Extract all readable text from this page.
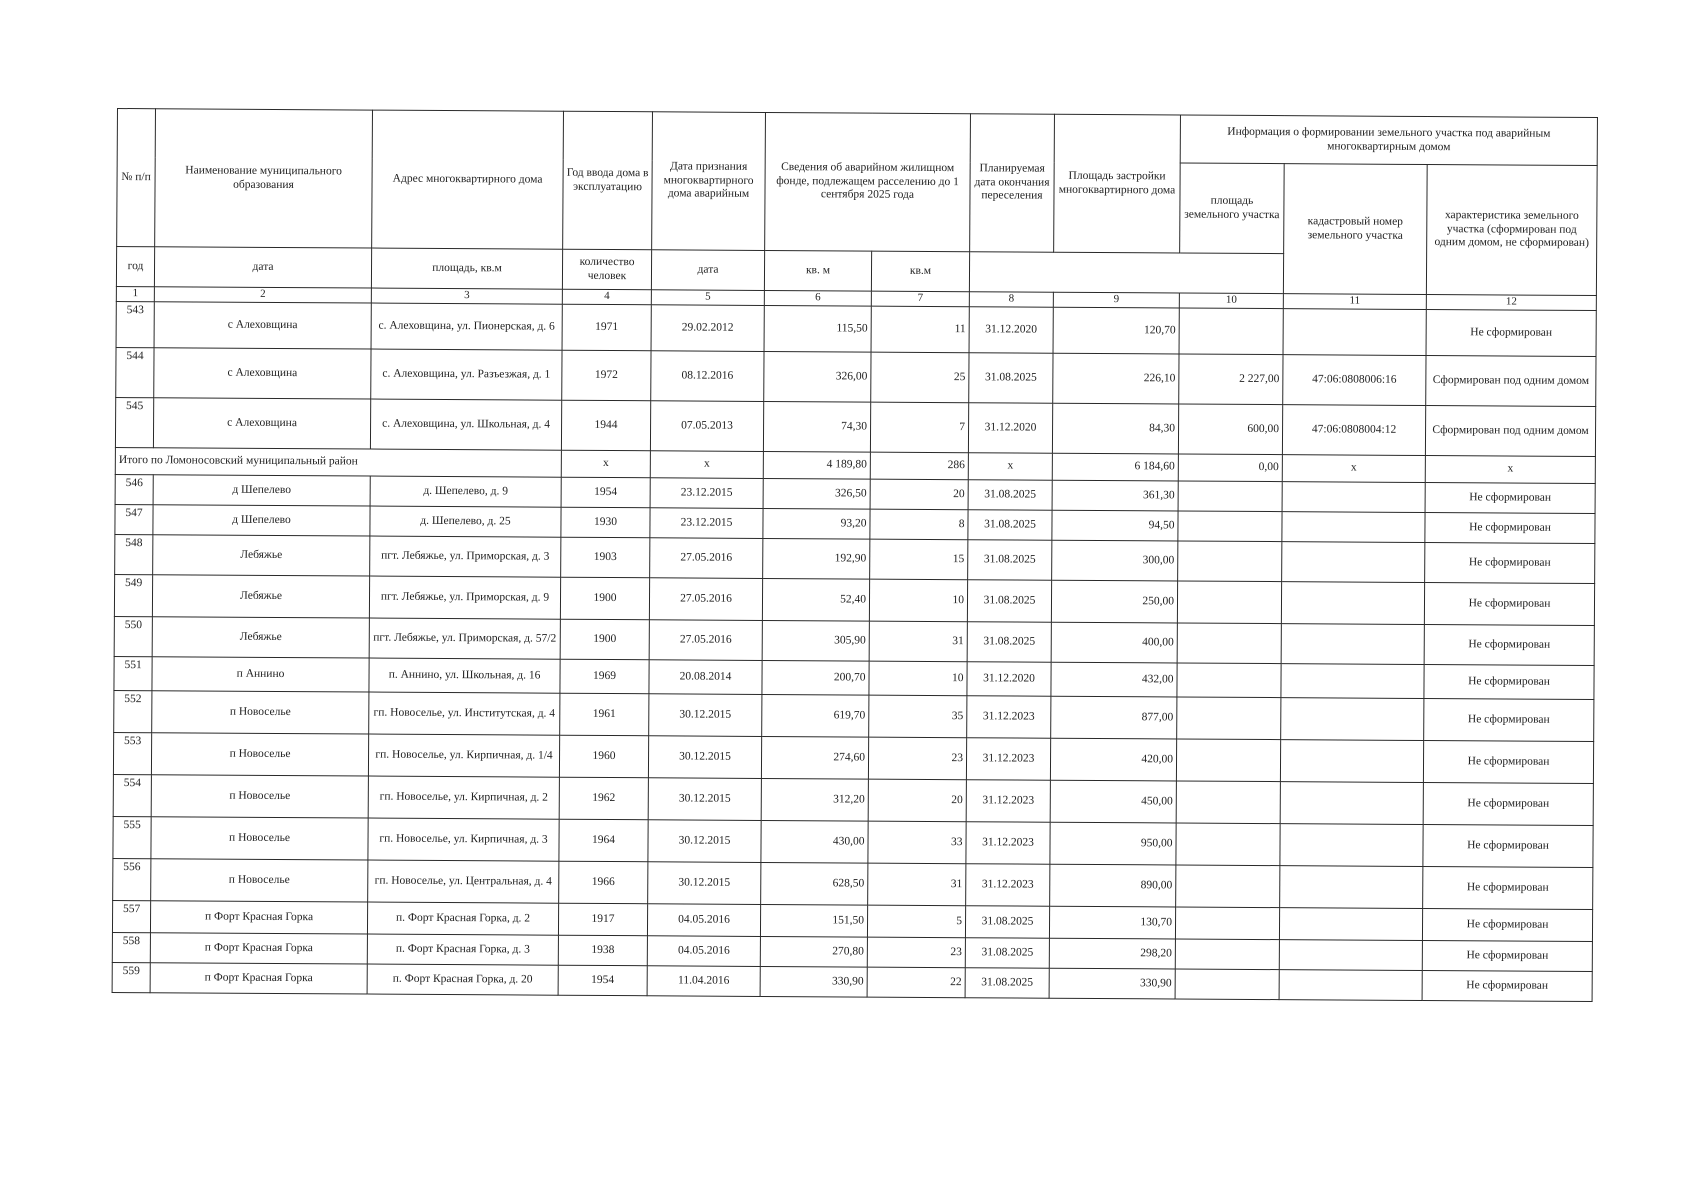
№ п/п	Наименование муниципального образования	Адрес многоквартирного дома	Год ввода дома в эксплуатацию	Дата признания многоквартирного дома аварийным	Сведения об аварийном жилищном фонде, подлежащем расселению до 1 сентября 2025 года		Планируемая дата окончания переселения	Площадь застройки многоквартирного дома	Информация о формировании земельного участка под аварийным многоквартирным домом		
									площадь земельного участка	кадастровый номер земельного участка	характеристика земельного участка (сформирован под одним домом, не сформирован)
год	дата	площадь, кв.м	количество человек	дата	кв. м	кв.м					
1	2	3	4	5	6	7	8	9	10	11	12
543	с Алеховщина	с. Алеховщина, ул. Пионерская, д. 6	1971	29.02.2012	115,50	11	31.12.2020	120,70			Не сформирован
544	с Алеховщина	с. Алеховщина, ул. Разъезжая, д. 1	1972	08.12.2016	326,00	25	31.08.2025	226,10	2 227,00	47:06:0808006:16	Сформирован под одним домом
545	с Алеховщина	с. Алеховщина, ул. Школьная, д. 4	1944	07.05.2013	74,30	7	31.12.2020	84,30	600,00	47:06:0808004:12	Сформирован под одним домом
Итого по Ломоносовский муниципальный район			x	x	4 189,80	286	x	6 184,60	0,00	x	x
546	д Шепелево	д. Шепелево, д. 9	1954	23.12.2015	326,50	20	31.08.2025	361,30			Не сформирован
547	д Шепелево	д. Шепелево, д. 25	1930	23.12.2015	93,20	8	31.08.2025	94,50			Не сформирован
548	Лебяжье	пгт. Лебяжье, ул. Приморская, д. 3	1903	27.05.2016	192,90	15	31.08.2025	300,00			Не сформирован
549	Лебяжье	пгт. Лебяжье, ул. Приморская, д. 9	1900	27.05.2016	52,40	10	31.08.2025	250,00			Не сформирован
550	Лебяжье	пгт. Лебяжье, ул. Приморская, д. 57/2	1900	27.05.2016	305,90	31	31.08.2025	400,00			Не сформирован
551	п Аннино	п. Аннино, ул. Школьная, д. 16	1969	20.08.2014	200,70	10	31.12.2020	432,00			Не сформирован
552	п Новоселье	гп. Новоселье, ул. Институтская, д. 4	1961	30.12.2015	619,70	35	31.12.2023	877,00			Не сформирован
553	п Новоселье	гп. Новоселье, ул. Кирпичная, д. 1/4	1960	30.12.2015	274,60	23	31.12.2023	420,00			Не сформирован
554	п Новоселье	гп. Новоселье, ул. Кирпичная, д. 2	1962	30.12.2015	312,20	20	31.12.2023	450,00			Не сформирован
555	п Новоселье	гп. Новоселье, ул. Кирпичная, д. 3	1964	30.12.2015	430,00	33	31.12.2023	950,00			Не сформирован
556	п Новоселье	гп. Новоселье, ул. Центральная, д. 4	1966	30.12.2015	628,50	31	31.12.2023	890,00			Не сформирован
557	п Форт Красная Горка	п. Форт Красная Горка, д. 2	1917	04.05.2016	151,50	5	31.08.2025	130,70			Не сформирован
558	п Форт Красная Горка	п. Форт Красная Горка, д. 3	1938	04.05.2016	270,80	23	31.08.2025	298,20			Не сформирован
559	п Форт Красная Горка	п. Форт Красная Горка, д. 20	1954	11.04.2016	330,90	22	31.08.2025	330,90			Не сформирован
